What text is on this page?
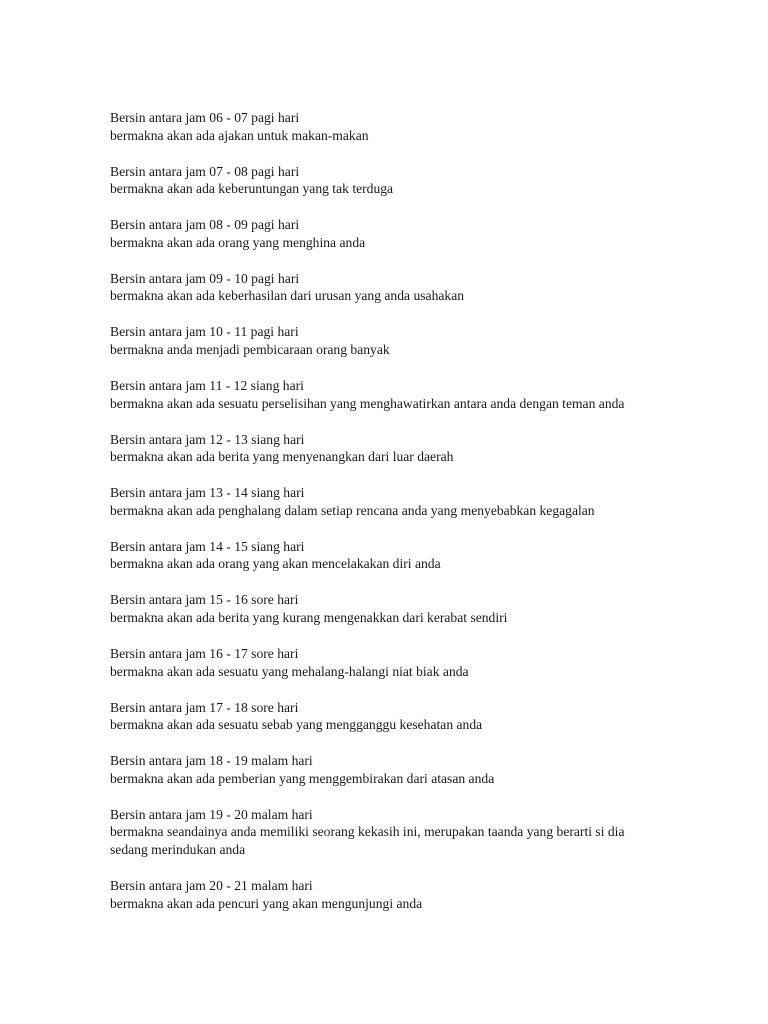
Bersin antara jam 06 - 07 pagi hari

bermakna akan ada ajakan untuk makan-makan

Bersin antara jam 07 - 08 pagi hari

bermakna akan ada keberuntungan yang tak terduga

Bersin antara jam 08 - 09 pagi hari

bermakna akan ada orang yang menghina anda

Bersin antara jam 09 - 10 pagi hari

bermakna akan ada keberhasilan dari urusan yang anda usahakan

Bersin antara jam 10 - 11 pagi hari

bermakna anda menjadi pembicaraan orang banyak

Bersin antara jam 11 - 12 siang hari

bermakna akan ada sesuatu perselisihan yang menghawatirkan antara anda dengan teman anda

Bersin antara jam 12 - 13 siang hari

bermakna akan ada berita yang menyenangkan dari luar daerah

Bersin antara jam 13 - 14 siang hari

bermakna akan ada penghalang dalam setiap rencana anda yang menyebabkan kegagalan

Bersin antara jam 14 - 15 siang hari

bermakna akan ada orang yang akan mencelakakan diri anda

Bersin antara jam 15 - 16 sore hari

bermakna akan ada berita yang kurang mengenakkan dari kerabat sendiri

Bersin antara jam 16 - 17 sore hari

bermakna akan ada sesuatu yang mehalang-halangi niat biak anda

Bersin antara jam 17 - 18 sore hari

bermakna akan ada sesuatu sebab yang mengganggu kesehatan anda

Bersin antara jam 18 - 19 malam hari

bermakna akan ada pemberian yang menggembirakan dari atasan anda

Bersin antara jam 19 - 20 malam hari

bermakna seandainya anda memiliki seorang kekasih ini, merupakan taanda yang berarti si dia sedang merindukan anda

Bersin antara jam 20 - 21 malam hari

bermakna akan ada pencuri yang akan mengunjungi anda
